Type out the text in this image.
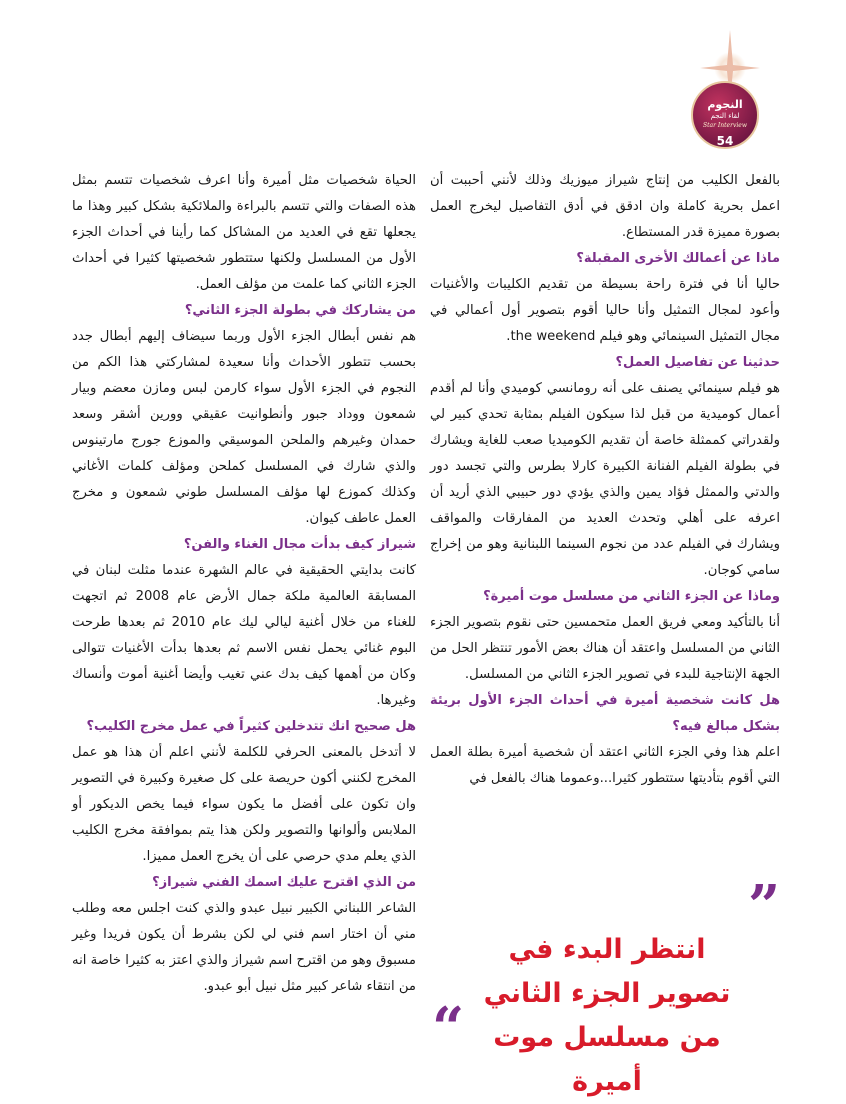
النجوم
لقاء النجم
Star Interview
54

بالفعل الكليب من إنتاج شيراز ميوزيك وذلك لأنني أحببت أن اعمل بحرية كاملة وان ادقق في أدق التفاصيل ليخرج العمل بصورة مميزة قدر المستطاع.

ماذا عن أعمالك الأخرى المقبلة؟

حاليا أنا في فترة راحة بسيطة من تقديم الكليبات والأغنيات وأعود لمجال التمثيل وأنا حاليا أقوم بتصوير أول أعمالي في مجال التمثيل السينمائي وهو فيلم the weekend.

حدثينا عن تفاصيل العمل؟

هو فيلم سينمائي يصنف على أنه رومانسي كوميدي وأنا لم أقدم أعمال كوميدية من قبل لذا سيكون الفيلم بمثابة تحدي كبير لي ولقدراتي كممثلة خاصة أن تقديم الكوميديا صعب للغاية ويشارك في بطولة الفيلم الفنانة الكبيرة كارلا بطرس والتي تجسد دور والدتي والممثل فؤاد يمين والذي يؤدي دور حبيبي الذي أريد أن اعرفه على أهلي وتحدث العديد من المفارقات والمواقف ويشارك في الفيلم عدد من نجوم السينما اللبنانية وهو من إخراج سامي كوجان.

وماذا عن الجزء الثاني من مسلسل موت أميرة؟

أنا بالتأكيد ومعي فريق العمل متحمسين حتى نقوم بتصوير الجزء الثاني من المسلسل واعتقد أن هناك بعض الأمور تنتظر الحل من الجهة الإنتاجية للبدء في تصوير الجزء الثاني من المسلسل.

هل كانت شخصية أميرة في أحداث الجزء الأول بريئة بشكل مبالغ فيه؟

اعلم هذا وفي الجزء الثاني اعتقد أن شخصية أميرة بطلة العمل التي أقوم بتأديتها ستتطور كثيرا...وعموما هناك بالفعل في

الحياة شخصيات مثل أميرة وأنا اعرف شخصيات تتسم بمثل هذه الصفات والتي تتسم بالبراءة والملائكية بشكل كبير وهذا ما يجعلها تقع في العديد من المشاكل كما رأينا في أحداث الجزء الأول من المسلسل ولكنها ستتطور شخصيتها كثيرا في أحداث الجزء الثاني كما علمت من مؤلف العمل.

من يشاركك في بطولة الجزء الثاني؟

هم نفس أبطال الجزء الأول وربما سيضاف إليهم أبطال جدد بحسب تتطور الأحداث وأنا سعيدة لمشاركتي هذا الكم من النجوم في الجزء الأول سواء كارمن لبس ومازن معضم وبيار شمعون ووداد جبور وأنطوانيت عقيقي وورين أشقر وسعد حمدان وغيرهم والملحن الموسيقي والموزع جورج مارتينوس والذي شارك في المسلسل كملحن ومؤلف كلمات الأغاني وكذلك كموزع لها مؤلف المسلسل طوني شمعون و مخرج العمل عاطف كيوان.

شيراز كيف بدأت مجال الغناء والفن؟

كانت بدايتي الحقيقية في عالم الشهرة عندما مثلت لبنان في المسابقة العالمية ملكة جمال الأرض عام 2008 ثم اتجهت للغناء من خلال أغنية ليالي ليك عام 2010 ثم بعدها طرحت البوم غنائي يحمل نفس الاسم ثم بعدها بدأت الأغنيات تتوالى وكان من أهمها كيف بدك عني تغيب وأيضا أغنية أموت وأنساك وغيرها.

هل صحيح انك تتدخلين كثيراً في عمل مخرج الكليب؟

لا أتدخل بالمعنى الحرفي للكلمة لأنني اعلم أن هذا هو عمل المخرج لكنني أكون حريصة على كل صغيرة وكبيرة في التصوير وان تكون على أفضل ما يكون سواء فيما يخص الديكور أو الملابس وألوانها والتصوير ولكن هذا يتم بموافقة مخرج الكليب الذي يعلم مدي حرصي على أن يخرج العمل مميزا.

من الذي اقترح عليك اسمك الفني شيراز؟

الشاعر اللبناني الكبير نبيل عبدو والذي كنت اجلس معه وطلب مني أن اختار اسم فني لي لكن بشرط أن يكون فريدا وغير مسبوق وهو من اقترح اسم شيراز والذي اعتز به كثيرا خاصة انه من انتقاء شاعر كبير مثل نبيل أبو عبدو.

”
انتظر البدء في تصوير الجزء الثاني من مسلسل موت أميرة
“
